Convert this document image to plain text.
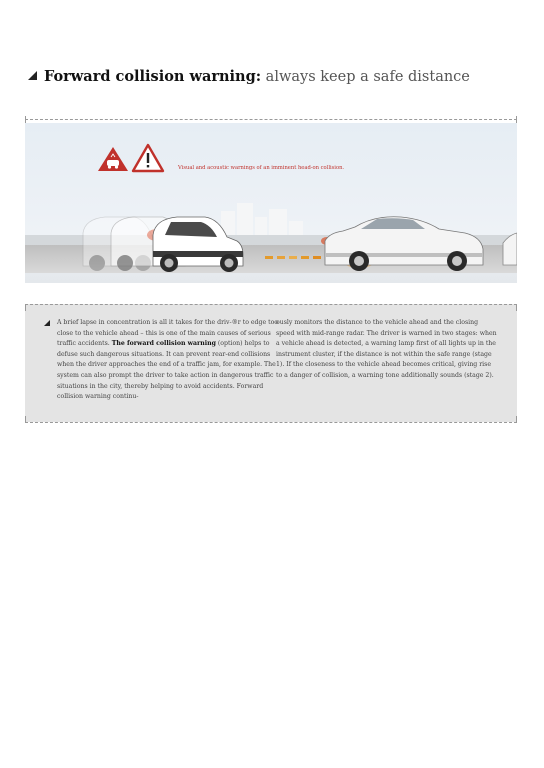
Forward collision warning: always keep a safe distance
Visual and acoustic warnings of an imminent head-on collision.
A brief lapse in concentration is all it takes for the driv-®r to edge too close to the vehicle ahead – this is one of the main causes of serious traffic accidents. The forward collision warning (option) helps to defuse such dangerous situations. It can prevent rear-end collisions when the driver approaches the end of a traffic jam, for example. The system can also prompt the driver to take action in dangerous traffic situations in the city, thereby helping to avoid accidents. Forward collision warning continu-
ously monitors the distance to the vehicle ahead and the closing speed with mid-range radar. The driver is warned in two stages: when a vehicle ahead is detected, a warning lamp first of all lights up in the instrument cluster, if the distance is not within the safe range (stage 1). If the closeness to the vehicle ahead becomes critical, giving rise to a danger of collision, a warning tone additionally sounds (stage 2).
